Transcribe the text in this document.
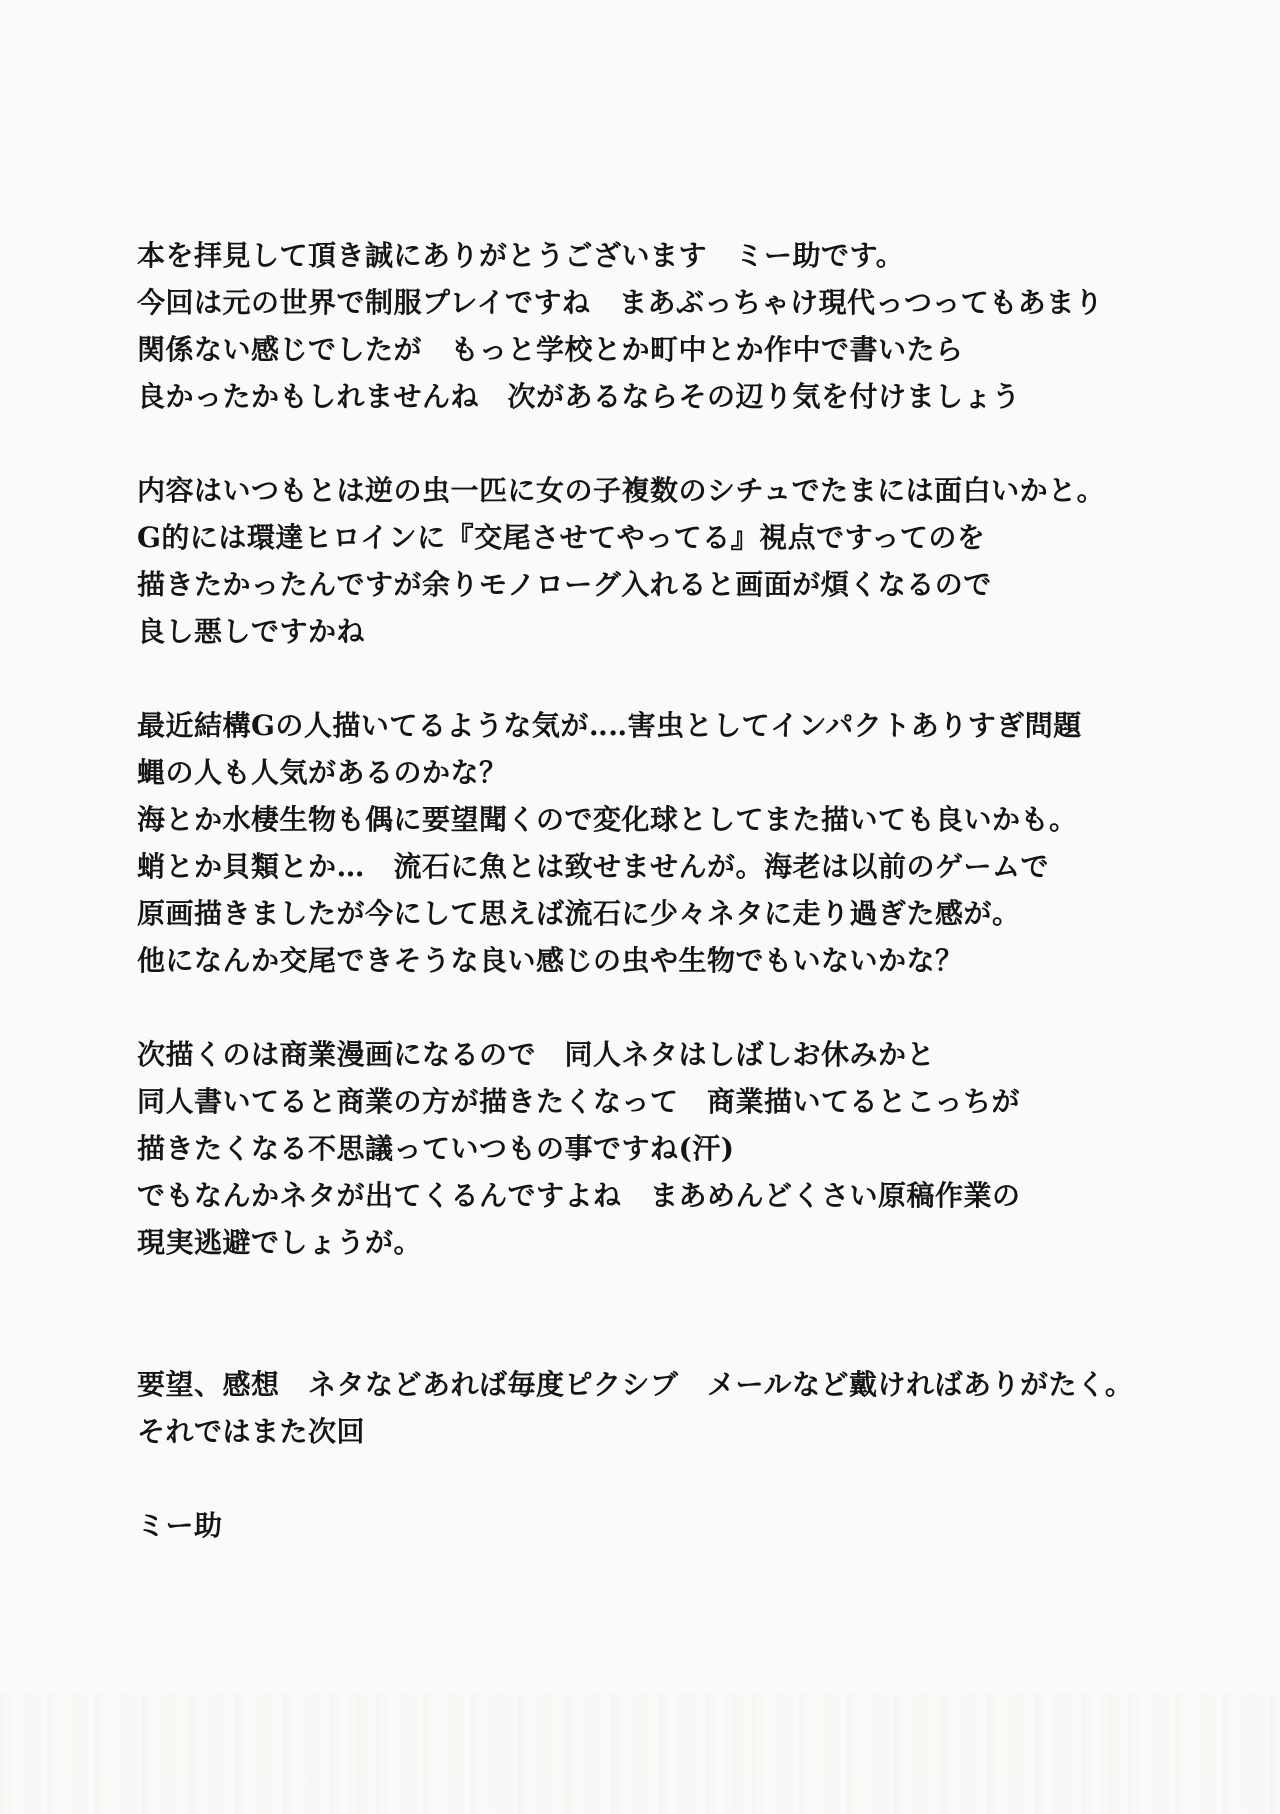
本を拝見して頂き誠にありがとうございます　ミー助です。
今回は元の世界で制服プレイですね　まあぶっちゃけ現代っつってもあまり
関係ない感じでしたが　もっと学校とか町中とか作中で書いたら
良かったかもしれませんね　次があるならその辺り気を付けましょう
内容はいつもとは逆の虫一匹に女の子複数のシチュでたまには面白いかと。
G的には環達ヒロインに『交尾させてやってる』視点ですってのを
描きたかったんですが余りモノローグ入れると画面が煩くなるので
良し悪しですかね
最近結構Gの人描いてるような気が‥‥害虫としてインパクトありすぎ問題
蝿の人も人気があるのかな？
海とか水棲生物も偶に要望聞くので変化球としてまた描いても良いかも。
蛸とか貝類とか…　流石に魚とは致せませんが。海老は以前のゲームで
原画描きましたが今にして思えば流石に少々ネタに走り過ぎた感が。
他になんか交尾できそうな良い感じの虫や生物でもいないかな？
次描くのは商業漫画になるので　同人ネタはしばしお休みかと
同人書いてると商業の方が描きたくなって　商業描いてるとこっちが
描きたくなる不思議っていつもの事ですね(汗)
でもなんかネタが出てくるんですよね　まあめんどくさい原稿作業の
現実逃避でしょうが。
要望、感想　ネタなどあれば毎度ピクシブ　メールなど戴ければありがたく。
それではまた次回
ミー助
